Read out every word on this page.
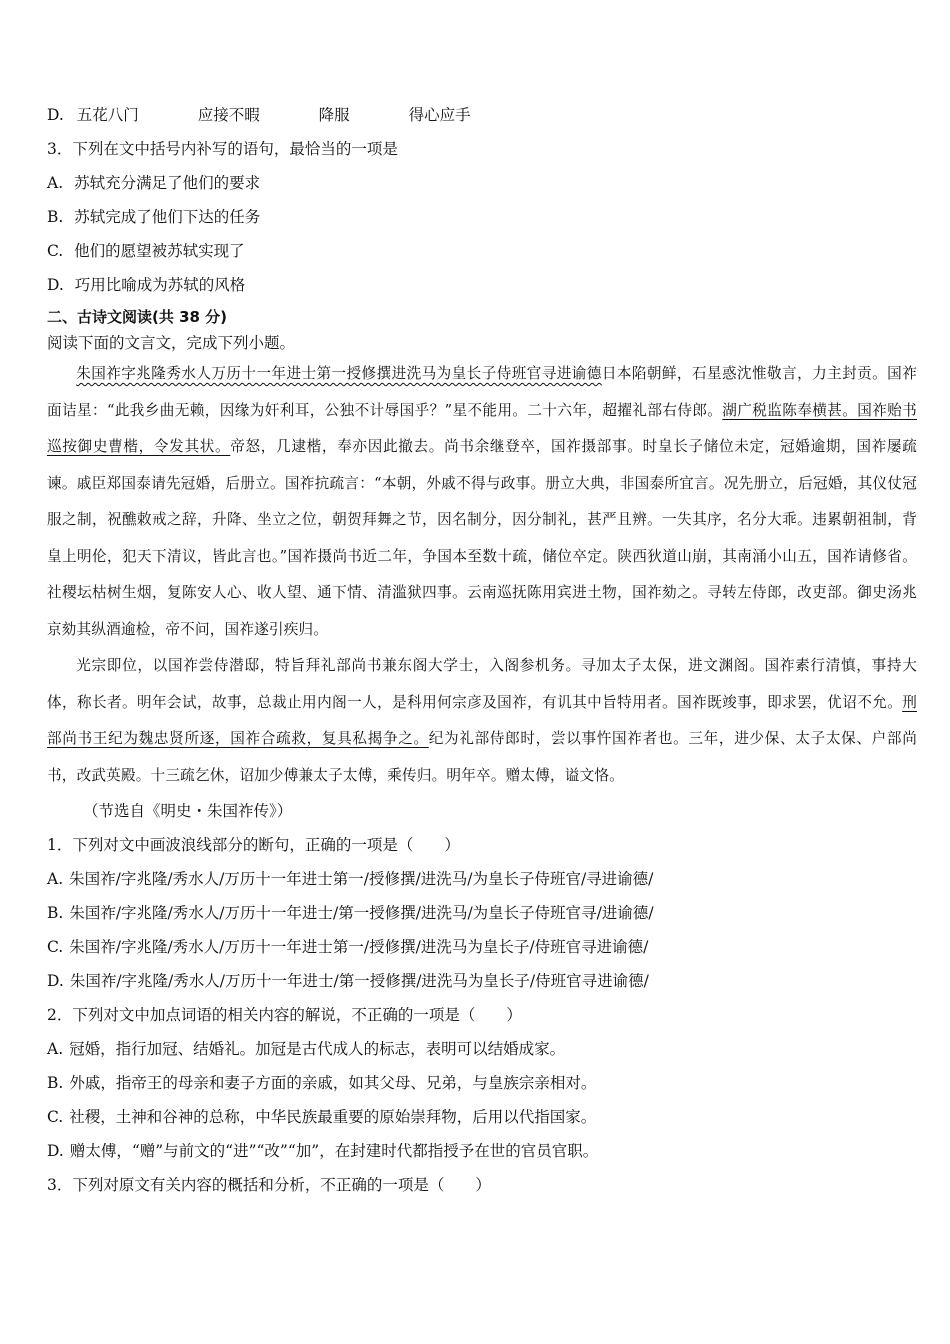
D. 五花八门	应接不暇	降服	得心应手
3．下列在文中括号内补写的语句，最恰当的一项是
A. 苏轼充分满足了他们的要求
B. 苏轼完成了他们下达的任务
C. 他们的愿望被苏轼实现了
D. 巧用比喻成为苏轼的风格
二、古诗文阅读(共 38 分)
阅读下面的文言文，完成下列小题。

朱国祚字兆隆秀水人万历十一年进士第一授修撰进洗马为皇长子侍班官寻进谕德日本陷朝鲜，石星惑沈惟敬言，力主封贡。国祚面诘星：“此我乡曲无赖，因缘为奸利耳，公独不计辱国乎？”星不能用。二十六年，超擢礼部右侍郎。湖广税监陈奉横甚。国祚贻书巡按御史曹楷，令发其状。帝怒，几逮楷，奉亦因此撤去。尚书余继登卒，国祚摄部事。时皇长子储位未定，冠婚逾期，国祚屡疏谏。戚臣郑国泰请先冠婚，后册立。国祚抗疏言：“本朝，外戚不得与政事。册立大典，非国泰所宜言。况先册立，后冠婚，其仪仗冠服之制，祝醮敕戒之辞，升降、坐立之位，朝贺拜舞之节，因名制分，因分制礼，甚严且辨。一失其序，名分大乖。违累朝祖制，背皇上明伦，犯天下清议，皆此言也。”国祚摄尚书近二年，争国本至数十疏，储位卒定。陕西狄道山崩，其南涌小山五，国祚请修省。社稷坛枯树生烟，复陈安人心、收人望、通下情、清滥狱四事。云南巡抚陈用宾进土物，国祚劾之。寻转左侍郎，改吏部。御史汤兆京劾其纵酒逾检，帝不问，国祚遂引疾归。

光宗即位，以国祚尝侍潜邸，特旨拜礼部尚书兼东阁大学士，入阁参机务。寻加太子太保，进文渊阁。国祚素行清慎，事持大体，称长者。明年会试，故事，总裁止用内阁一人，是科用何宗彦及国祚，有讥其中旨特用者。国祚既竣事，即求罢，优诏不允。刑部尚书王纪为魏忠贤所逐，国祚合疏救，复具私揭争之。纪为礼部侍郎时，尝以事忤国祚者也。三年，进少保、太子太保、户部尚书，改武英殿。十三疏乞休，诏加少傅兼太子太傅，乘传归。明年卒。赠太傅，谥文恪。

（节选自《明史・朱国祚传》）
1．下列对文中画波浪线部分的断句，正确的一项是（　　）
A. 朱国祚/字兆隆/秀水人/万历十一年进士第一/授修撰/进洗马/为皇长子侍班官/寻进谕德/
B. 朱国祚/字兆隆/秀水人/万历十一年进士/第一授修撰/进洗马/为皇长子侍班官寻/进谕德/
C. 朱国祚/字兆隆/秀水人/万历十一年进士第一/授修撰/进洗马为皇长子/侍班官寻进谕德/
D. 朱国祚/字兆隆/秀水人/万历十一年进士/第一授修撰/进洗马为皇长子/侍班官寻进谕德/
2．下列对文中加点词语的相关内容的解说，不正确的一项是（　　）
A. 冠婚，指行加冠、结婚礼。加冠是古代成人的标志，表明可以结婚成家。
B. 外戚，指帝王的母亲和妻子方面的亲戚，如其父母、兄弟，与皇族宗亲相对。
C. 社稷，土神和谷神的总称，中华民族最重要的原始崇拜物，后用以代指国家。
D. 赠太傅，“赠”与前文的“进”“改”“加”，在封建时代都指授予在世的官员官职。
3．下列对原文有关内容的概括和分析，不正确的一项是（　　）
